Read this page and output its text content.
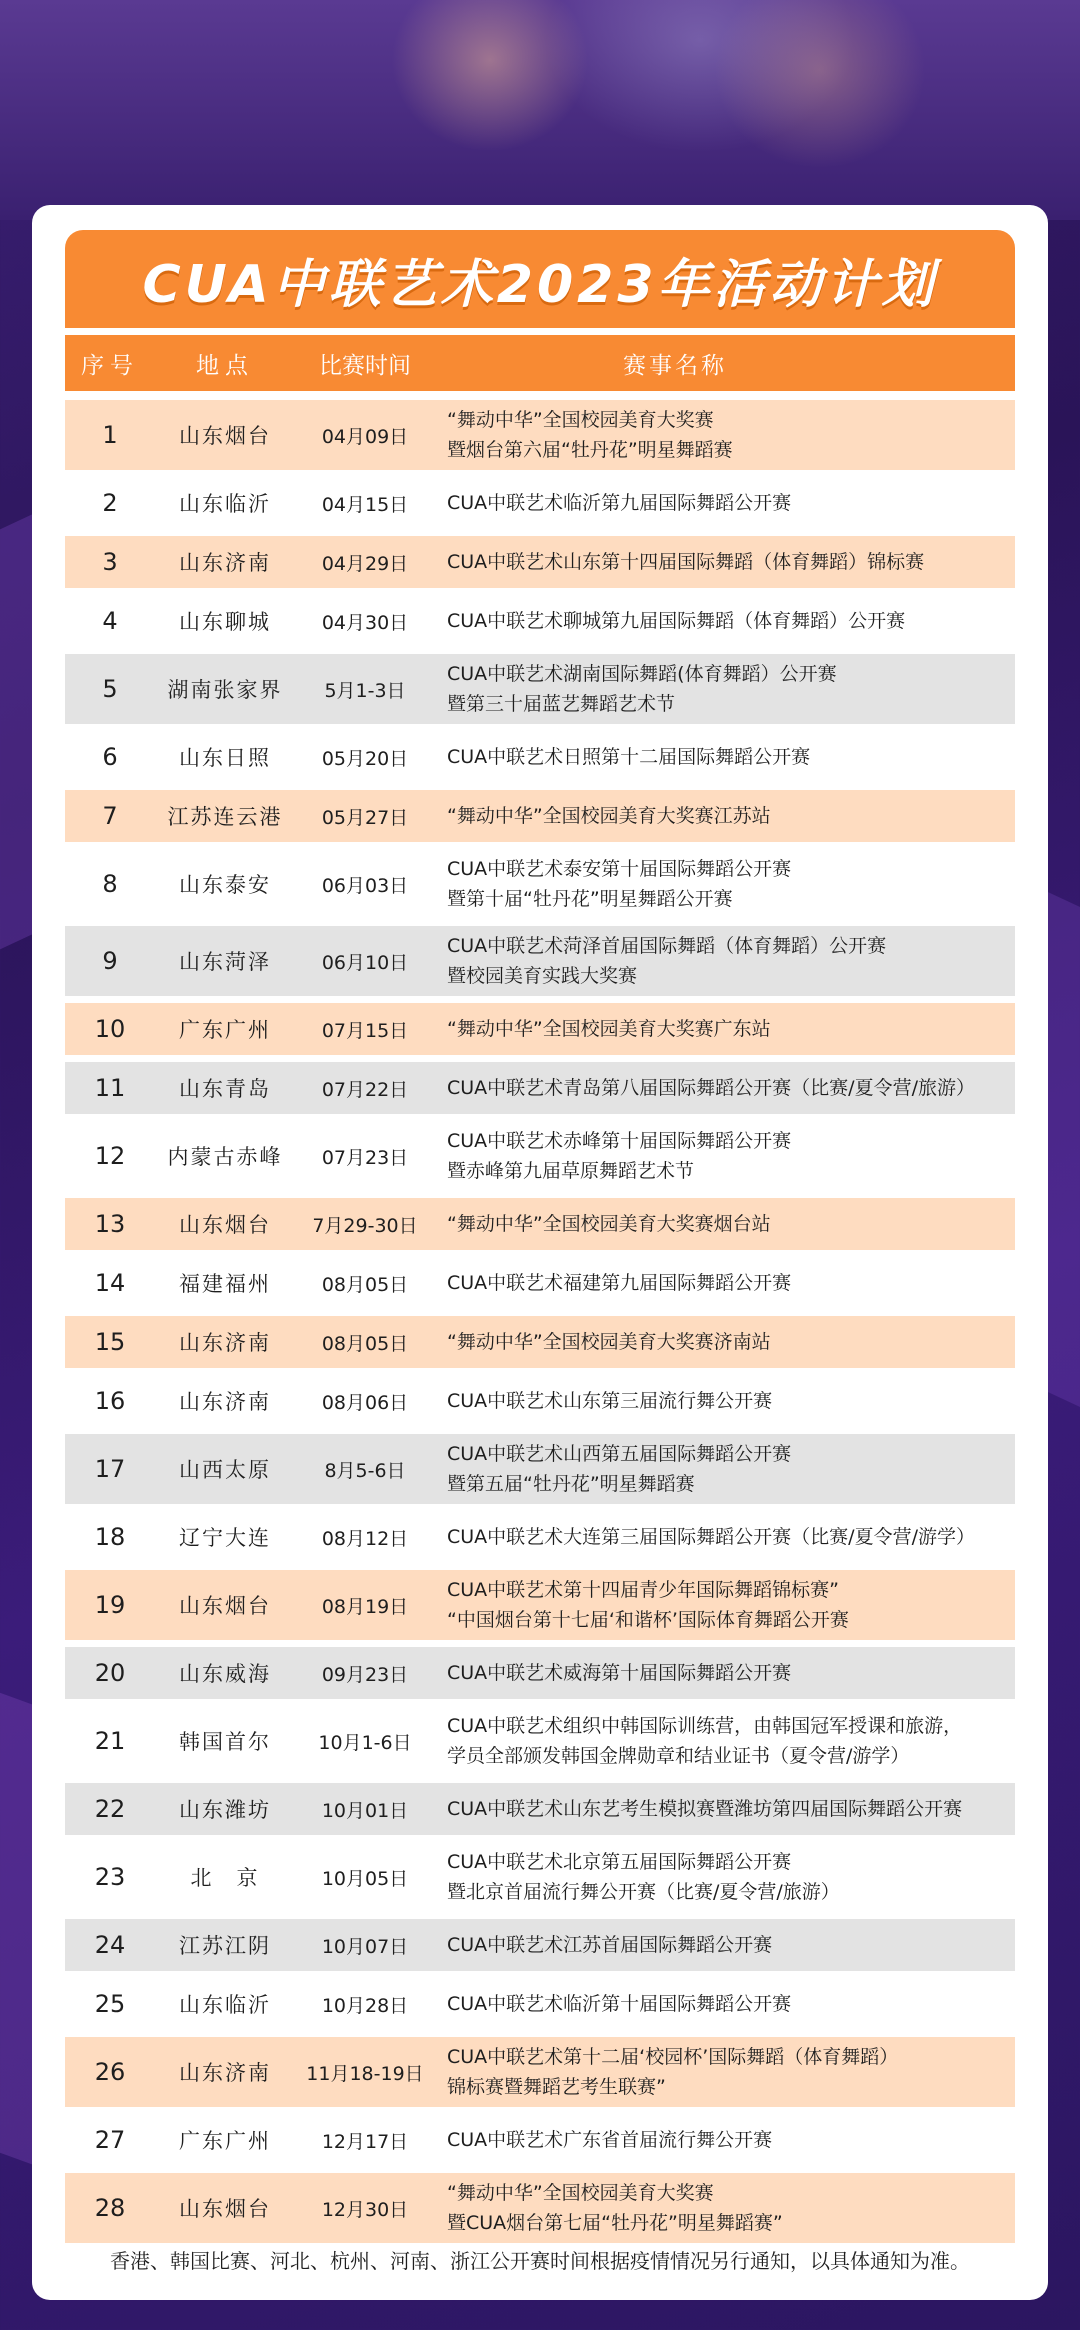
CUA中联艺术2023年活动计划
序号	地点	比赛时间	赛事名称
1	山东烟台	04月09日
“舞动中华”全国校园美育大奖赛
暨烟台第六届“牡丹花”明星舞蹈赛
2	山东临沂	04月15日	CUA中联艺术临沂第九届国际舞蹈公开赛
3	山东济南	04月29日	CUA中联艺术山东第十四届国际舞蹈（体育舞蹈）锦标赛
4	山东聊城	04月30日	CUA中联艺术聊城第九届国际舞蹈（体育舞蹈）公开赛
5	湖南张家界	5月1-3日
CUA中联艺术湖南国际舞蹈(体育舞蹈）公开赛
暨第三十届蓝艺舞蹈艺术节
6	山东日照	05月20日	CUA中联艺术日照第十二届国际舞蹈公开赛
7	江苏连云港	05月27日	“舞动中华”全国校园美育大奖赛江苏站
8	山东泰安	06月03日
CUA中联艺术泰安第十届国际舞蹈公开赛
暨第十届“牡丹花”明星舞蹈公开赛
9	山东菏泽	06月10日
CUA中联艺术菏泽首届国际舞蹈（体育舞蹈）公开赛
暨校园美育实践大奖赛
10	广东广州	07月15日	“舞动中华”全国校园美育大奖赛广东站
11	山东青岛	07月22日	CUA中联艺术青岛第八届国际舞蹈公开赛（比赛/夏令营/旅游）
12	内蒙古赤峰	07月23日
CUA中联艺术赤峰第十届国际舞蹈公开赛
暨赤峰第九届草原舞蹈艺术节
13	山东烟台	7月29-30日	“舞动中华”全国校园美育大奖赛烟台站
14	福建福州	08月05日	CUA中联艺术福建第九届国际舞蹈公开赛
15	山东济南	08月05日	“舞动中华”全国校园美育大奖赛济南站
16	山东济南	08月06日	CUA中联艺术山东第三届流行舞公开赛
17	山西太原	8月5-6日
CUA中联艺术山西第五届国际舞蹈公开赛
暨第五届“牡丹花”明星舞蹈赛
18	辽宁大连	08月12日	CUA中联艺术大连第三届国际舞蹈公开赛（比赛/夏令营/游学）
19	山东烟台	08月19日
CUA中联艺术第十四届青少年国际舞蹈锦标赛”
“中国烟台第十七届‘和谐杯’国际体育舞蹈公开赛
20	山东威海	09月23日	CUA中联艺术威海第十届国际舞蹈公开赛
21	韩国首尔	10月1-6日
CUA中联艺术组织中韩国际训练营，由韩国冠军授课和旅游，
学员全部颁发韩国金牌勋章和结业证书（夏令营/游学）
22	山东潍坊	10月01日	CUA中联艺术山东艺考生模拟赛暨潍坊第四届国际舞蹈公开赛
23	北　京	10月05日
CUA中联艺术北京第五届国际舞蹈公开赛
暨北京首届流行舞公开赛（比赛/夏令营/旅游）
24	江苏江阴	10月07日	CUA中联艺术江苏首届国际舞蹈公开赛
25	山东临沂	10月28日	CUA中联艺术临沂第十届国际舞蹈公开赛
26	山东济南	11月18-19日
CUA中联艺术第十二届‘校园杯’国际舞蹈（体育舞蹈）
锦标赛暨舞蹈艺考生联赛”
27	广东广州	12月17日	CUA中联艺术广东省首届流行舞公开赛
28	山东烟台	12月30日
“舞动中华”全国校园美育大奖赛
暨CUA烟台第七届“牡丹花”明星舞蹈赛”
香港、韩国比赛、河北、杭州、河南、浙江公开赛时间根据疫情情况另行通知，以具体通知为准。
